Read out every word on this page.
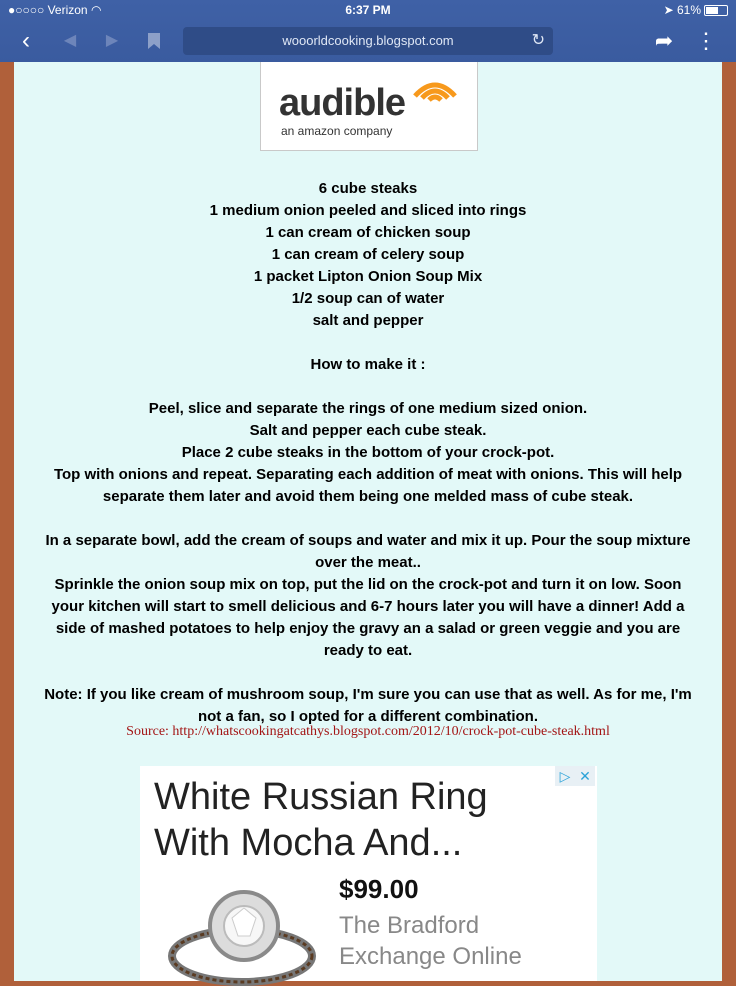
●○○○○ Verizon ◠	6:37 PM	➤ 61%
‹	◀	▶	wooorldcooking.blogspot.com	↻	➦ ⋮
audible
an amazon company

6 cube steaks

1 medium onion peeled and sliced into rings

1 can cream of chicken soup

1 can cream of celery soup

1 packet Lipton Onion Soup Mix

1/2 soup can of water

salt and pepper

How to make it :

Peel, slice and separate the rings of one medium sized onion.

Salt and pepper each cube steak.

Place 2 cube steaks in the bottom of your crock-pot.

Top with onions and repeat. Separating each addition of meat with onions. This will help separate them later and avoid them being one melded mass of cube steak.

In a separate bowl, add the cream of soups and water and mix it up. Pour the soup mixture over the meat..

Sprinkle the onion soup mix on top, put the lid on the crock-pot and turn it on low. Soon your kitchen will start to smell delicious and 6-7 hours later you will have a dinner! Add a side of mashed potatoes to help enjoy the gravy an a salad or green veggie and you are ready to eat.

Note: If you like cream of mushroom soup, I'm sure you can use that as well. As for me, I'm not a fan, so I opted for a different combination.

Source: http://whatscookingatcathys.blogspot.com/2012/10/crock-pot-cube-steak.html
▷ ✕
White Russian Ring With Mocha And...
$99.00
The Bradford Exchange Online
